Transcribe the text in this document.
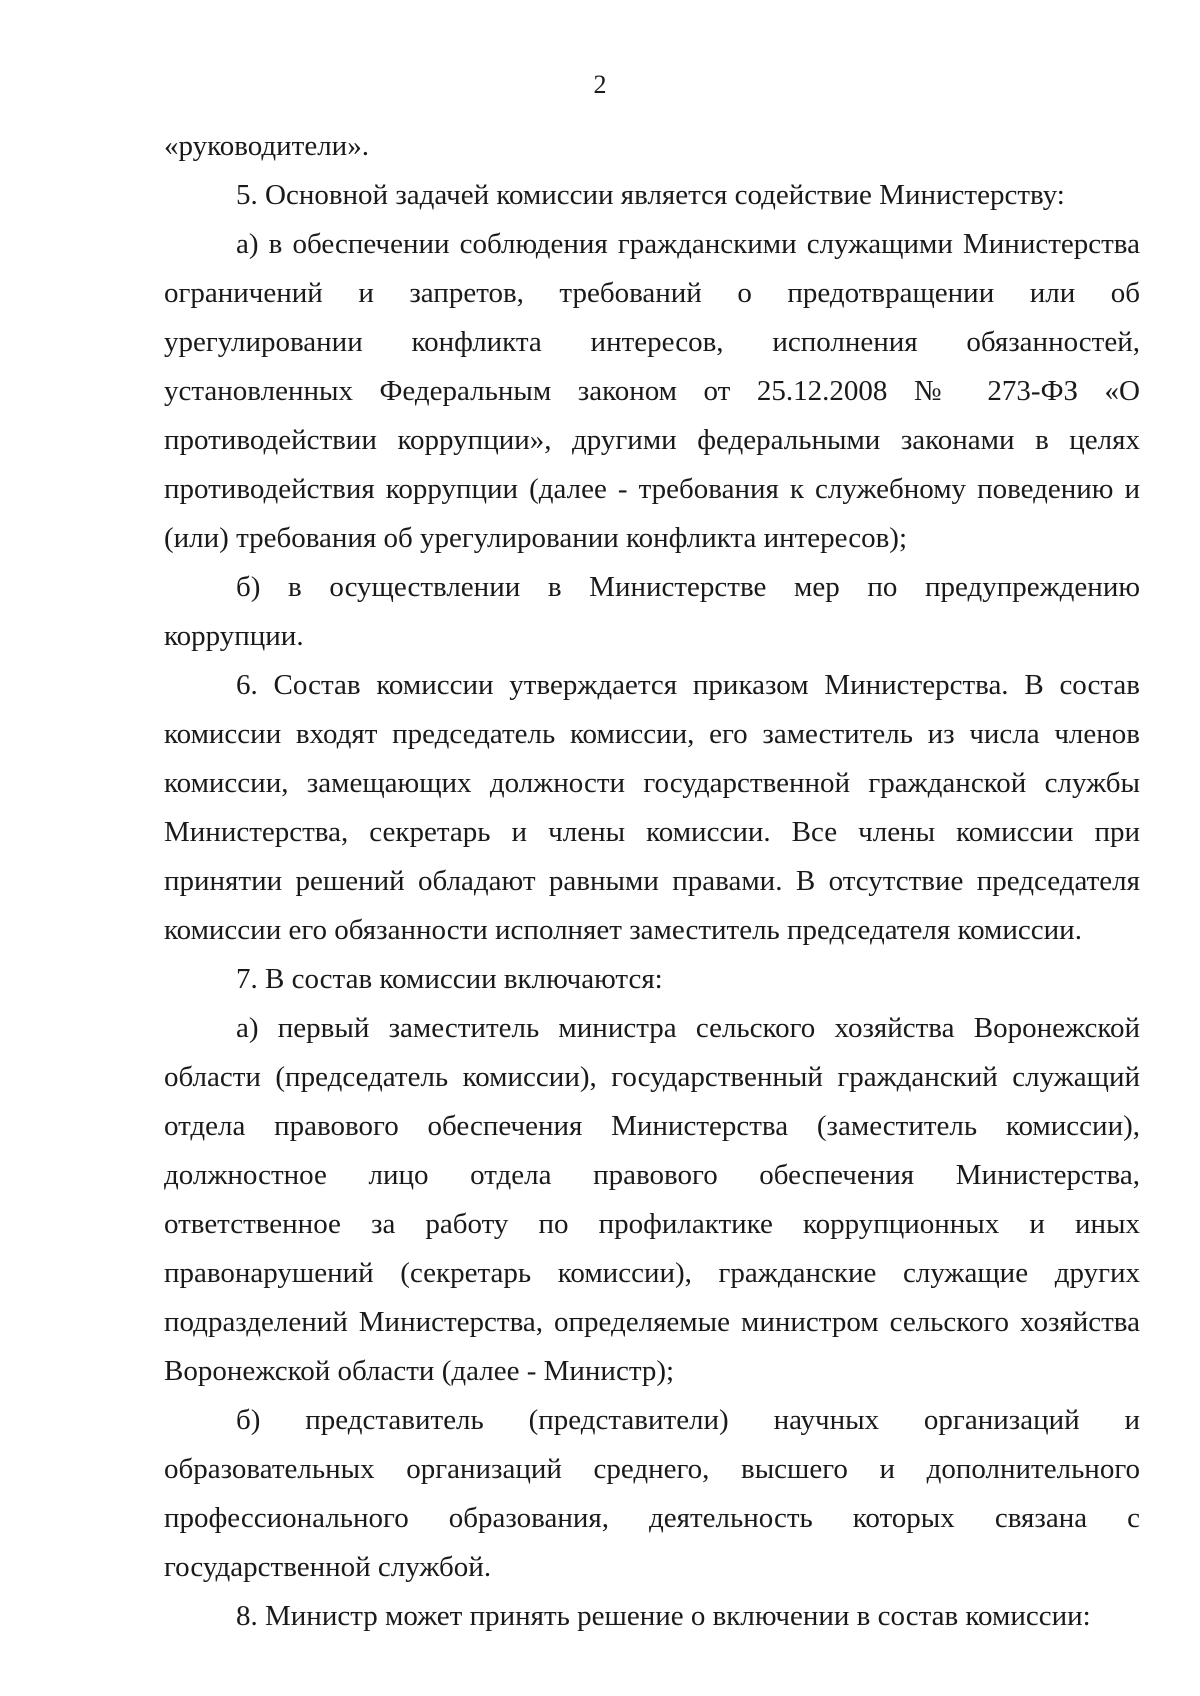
2

«руководители».

5. Основной задачей комиссии является содействие Министерству:

а) в обеспечении соблюдения гражданскими служащими Министерства ограничений и запретов, требований о предотвращении или об урегулировании конфликта интересов, исполнения обязанностей, установленных Федеральным законом от 25.12.2008 № 273-ФЗ «О противодействии коррупции», другими федеральными законами в целях противодействия коррупции (далее - требования к служебному поведению и (или) требования об урегулировании конфликта интересов);

б) в осуществлении в Министерстве мер по предупреждению коррупции.

6. Состав комиссии утверждается приказом Министерства. В состав комиссии входят председатель комиссии, его заместитель из числа членов комиссии, замещающих должности государственной гражданской службы Министерства, секретарь и члены комиссии. Все члены комиссии при принятии решений обладают равными правами. В отсутствие председателя комиссии его обязанности исполняет заместитель председателя комиссии.

7. В состав комиссии включаются:

а) первый заместитель министра сельского хозяйства Воронежской области (председатель комиссии), государственный гражданский служащий отдела правового обеспечения Министерства (заместитель комиссии), должностное лицо отдела правового обеспечения Министерства, ответственное за работу по профилактике коррупционных и иных правонарушений (секретарь комиссии), гражданские служащие других подразделений Министерства, определяемые министром сельского хозяйства Воронежской области (далее - Министр);

б) представитель (представители) научных организаций и образовательных организаций среднего, высшего и дополнительного профессионального образования, деятельность которых связана с государственной службой.

8. Министр может принять решение о включении в состав комиссии:
